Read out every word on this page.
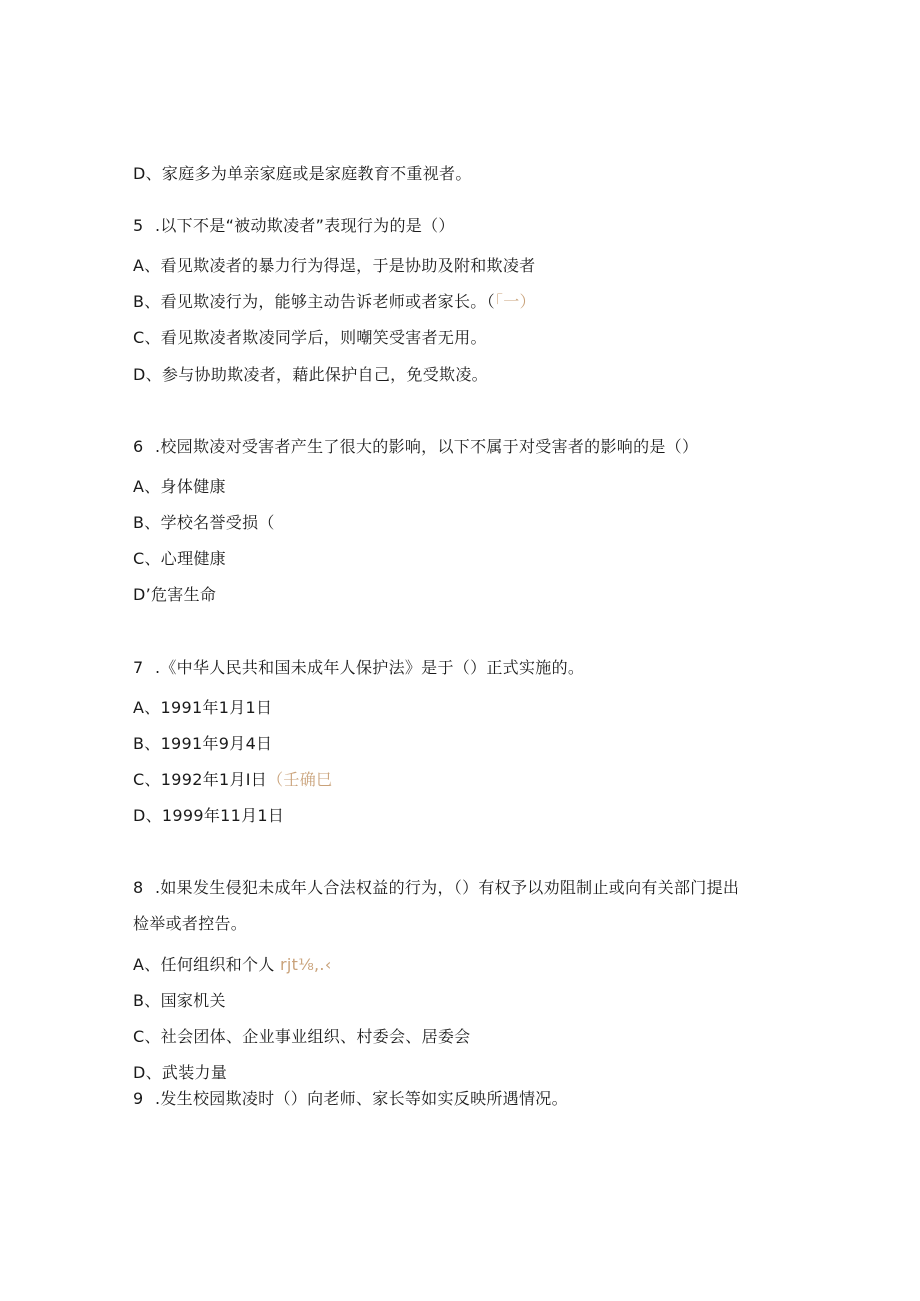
D、家庭多为单亲家庭或是家庭教育不重视者。
5 .以下不是“被动欺凌者”表现行为的是（）
A、看见欺凌者的暴力行为得逞，于是协助及附和欺凌者
B、看见欺凌行为，能够主动告诉老师或者家长。（「一）
C、看见欺凌者欺凌同学后，则嘲笑受害者无用。
D、参与协助欺凌者，藉此保护自己，免受欺凌。
6 .校园欺凌对受害者产生了很大的影响，以下不属于对受害者的影响的是（）
A、身体健康
B、学校名誉受损（
C、心理健康
D’危害生命
7 .《中华人民共和国未成年人保护法》是于（）正式实施的。
A、1991年1月1日
B、1991年9月4日
C、1992年1月I日（壬确巳
D、1999年11月1日
8 .如果发生侵犯未成年人合法权益的行为，（）有权予以劝阻制止或向有关部门提出
检举或者控告。
A、任何组织和个人 rjt⅛,.‹
B、国家机关
C、社会团体、企业事业组织、村委会、居委会
D、武装力量
9 .发生校园欺凌时（）向老师、家长等如实反映所遇情况。
